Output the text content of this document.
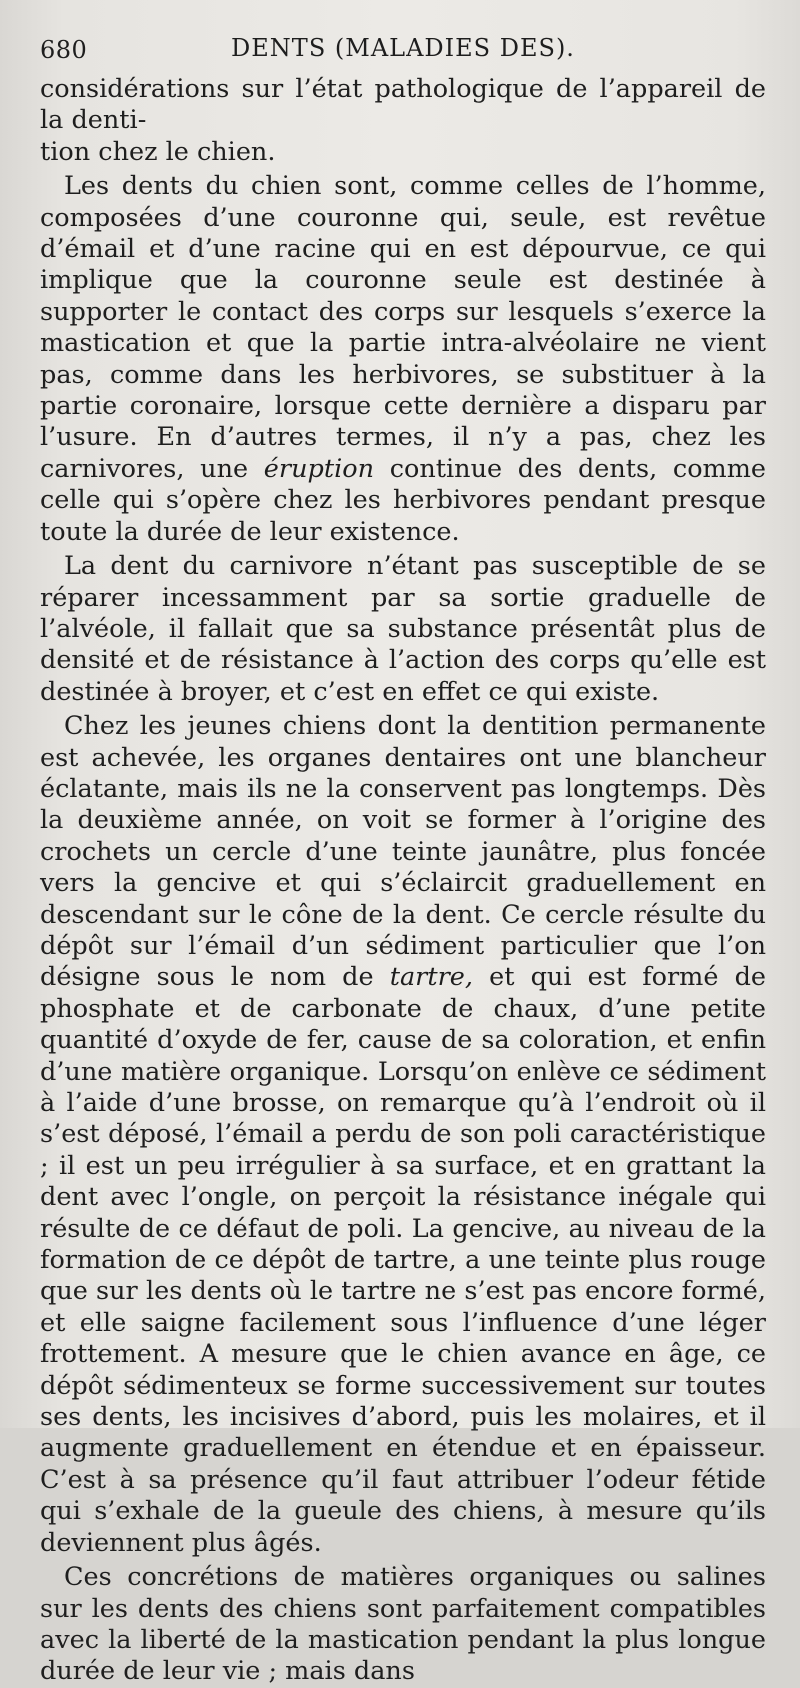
680	DENTS (MALADIES DES).

considérations sur l’état pathologique de l’appareil de la denti-
tion chez le chien.

Les dents du chien sont, comme celles de l’homme, composées d’une couronne qui, seule, est revêtue d’émail et d’une racine qui en est dépourvue, ce qui implique que la couronne seule est destinée à supporter le contact des corps sur lesquels s’exerce la mastication et que la partie intra-alvéolaire ne vient pas, comme dans les herbivores, se substituer à la partie coronaire, lorsque cette dernière a disparu par l’usure. En d’autres termes, il n’y a pas, chez les carnivores, une éruption continue des dents, comme celle qui s’opère chez les herbivores pendant presque toute la durée de leur existence.

La dent du carnivore n’étant pas susceptible de se réparer incessamment par sa sortie graduelle de l’alvéole, il fallait que sa substance présentât plus de densité et de résistance à l’action des corps qu’elle est destinée à broyer, et c’est en effet ce qui existe.

Chez les jeunes chiens dont la dentition permanente est achevée, les organes dentaires ont une blancheur éclatante, mais ils ne la conservent pas longtemps. Dès la deuxième année, on voit se former à l’origine des crochets un cercle d’une teinte jaunâtre, plus foncée vers la gencive et qui s’éclaircit graduellement en descendant sur le cône de la dent. Ce cercle résulte du dépôt sur l’émail d’un sédiment particulier que l’on désigne sous le nom de tartre, et qui est formé de phosphate et de carbonate de chaux, d’une petite quantité d’oxyde de fer, cause de sa coloration, et enfin d’une matière organique. Lorsqu’on enlève ce sédiment à l’aide d’une brosse, on remarque qu’à l’endroit où il s’est déposé, l’émail a perdu de son poli caractéristique ; il est un peu irrégulier à sa surface, et en grattant la dent avec l’ongle, on perçoit la résistance inégale qui résulte de ce défaut de poli. La gencive, au niveau de la formation de ce dépôt de tartre, a une teinte plus rouge que sur les dents où le tartre ne s’est pas encore formé, et elle saigne facilement sous l’influence d’une léger frottement. A mesure que le chien avance en âge, ce dépôt sédimenteux se forme successivement sur toutes ses dents, les incisives d’abord, puis les molaires, et il augmente graduellement en étendue et en épaisseur. C’est à sa présence qu’il faut attribuer l’odeur fétide qui s’exhale de la gueule des chiens, à mesure qu’ils deviennent plus âgés.

Ces concrétions de matières organiques ou salines sur les dents des chiens sont parfaitement compatibles avec la liberté de la mastication pendant la plus longue durée de leur vie ; mais dans
